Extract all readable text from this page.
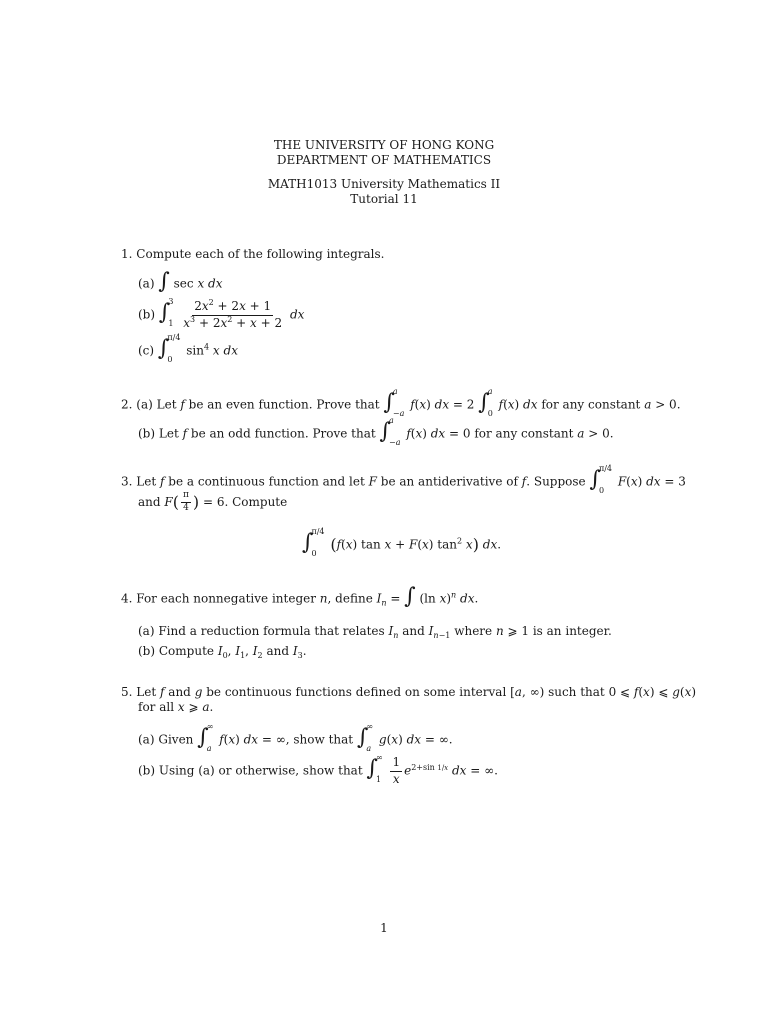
THE UNIVERSITY OF HONG KONG
DEPARTMENT OF MATHEMATICS
MATH1013 University Mathematics II
Tutorial 11
1. Compute each of the following integrals.
(a) ∫ sec x dx
(b) ∫
3
1
$\frac{2x^2 + 2x + 1}{x^3 + 2x^2 + x + 2}$ dx
(c) ∫
π/4
0
$\sin^4 x$ dx
2. (a) Let f be an even function. Prove that ∫
a
−a
f(x) dx = 2 ∫
a
0
f(x) dx for any constant a > 0.
(b) Let f be an odd function. Prove that ∫
a
−a
f(x) dx = 0 for any constant a > 0.
3. Let f be a continuous function and let F be an antiderivative of f. Suppose ∫
π/4
0
F(x) dx = 3
and $F( \frac{\pi}{4}$ ) = 6. Compute
∫
π/4
0 (f(x) tan x + F(x) $\tan^2 x$) dx.
4. For each nonnegative integer n, define $I_n$ = ∫ (ln x)$^n$ dx.
(a) Find a reduction formula that relates $I_n$ and $I_{n-1}$ where n ⩾ 1 is an integer.
(b) Compute $I_0$, $I_1$, $I_2$ and $I_3$.
5. Let f and g be continuous functions defined on some interval [a, ∞) such that 0 ⩽ f(x) ⩽ g(x)
for all x ⩾ a.
(a) Given ∫
∞
a
f(x) dx = ∞, show that ∫
∞
a
g(x) dx = ∞.
(b) Using (a) or otherwise, show that ∫
∞
1
$\frac{1}{x} e^{2+sin 1/x}$ dx = ∞.
1
